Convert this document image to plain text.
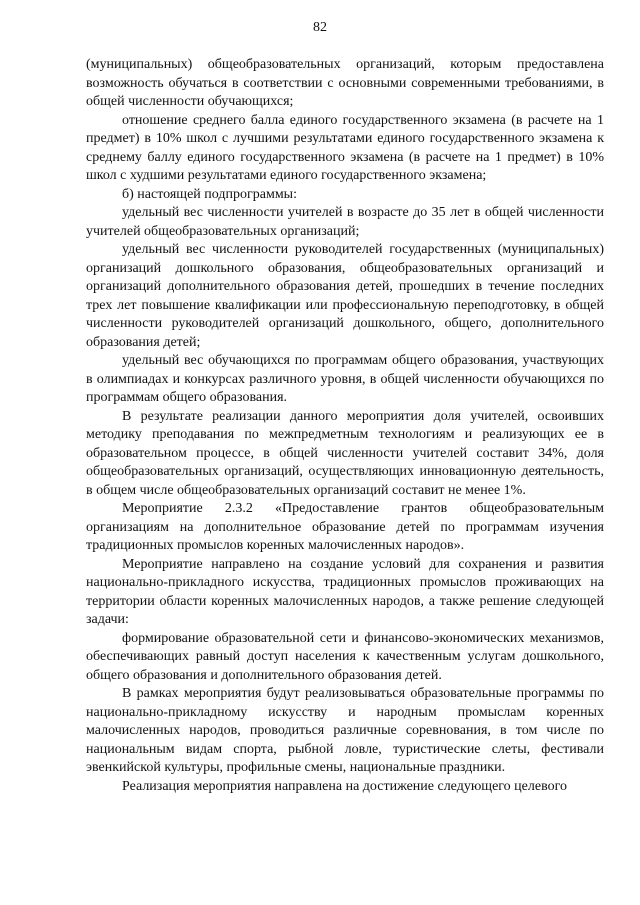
82

(муниципальных) общеобразовательных организаций, которым предоставлена возможность обучаться в соответствии с основными современными требованиями, в общей численности обучающихся;

отношение среднего балла единого государственного экзамена (в расчете на 1 предмет) в 10% школ с лучшими результатами единого государственного экзамена к среднему баллу единого государственного экзамена (в расчете на 1 предмет) в 10% школ с худшими результатами единого государственного экзамена;

б) настоящей подпрограммы:

удельный вес численности учителей в возрасте до 35 лет в общей численности учителей общеобразовательных организаций;

удельный вес численности руководителей государственных (муниципальных) организаций дошкольного образования, общеобразовательных организаций и организаций дополнительного образования детей, прошедших в течение последних трех лет повышение квалификации или профессиональную переподготовку, в общей численности руководителей организаций дошкольного, общего, дополнительного образования детей;

удельный вес обучающихся по программам общего образования, участвующих в олимпиадах и конкурсах различного уровня, в общей численности обучающихся по программам общего образования.

В результате реализации данного мероприятия доля учителей, освоивших методику преподавания по межпредметным технологиям и реализующих ее в образовательном процессе, в общей численности учителей составит 34%, доля общеобразовательных организаций, осуществляющих инновационную деятельность, в общем числе общеобразовательных организаций составит не менее 1%.

Мероприятие 2.3.2 «Предоставление грантов общеобразовательным организациям на дополнительное образование детей по программам изучения традиционных промыслов коренных малочисленных народов».

Мероприятие направлено на создание условий для сохранения и развития национально-прикладного искусства, традиционных промыслов проживающих на территории области коренных малочисленных народов, а также решение следующей задачи:

формирование образовательной сети и финансово-экономических механизмов, обеспечивающих равный доступ населения к качественным услугам дошкольного, общего образования и дополнительного образования детей.

В рамках мероприятия будут реализовываться образовательные программы по национально-прикладному искусству и народным промыслам коренных малочисленных народов, проводиться различные соревнования, в том числе по национальным видам спорта, рыбной ловле, туристические слеты, фестивали эвенкийской культуры, профильные смены, национальные праздники.

Реализация мероприятия направлена на достижение следующего целевого
